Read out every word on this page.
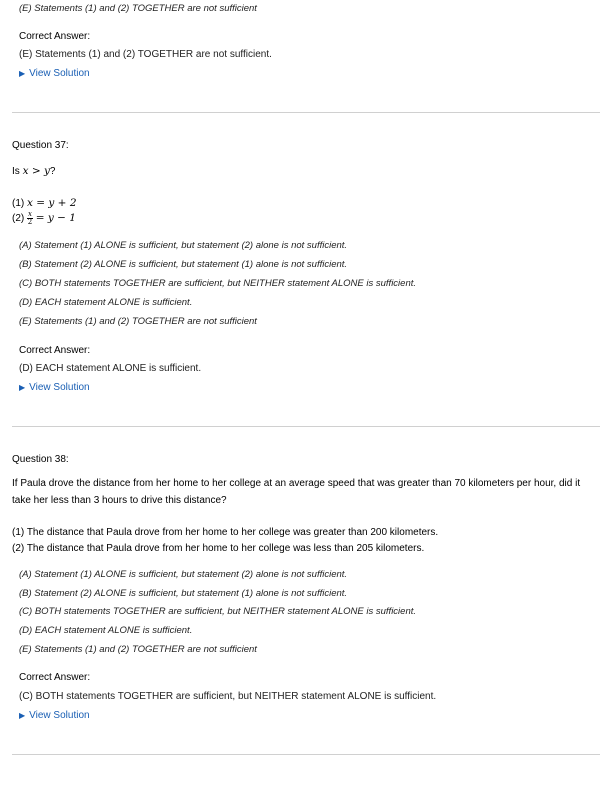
(E) Statements (1) and (2) TOGETHER are not sufficient
Correct Answer:
(E) Statements (1) and (2) TOGETHER are not sufficient.
▶ View Solution
Question 37:
Is x > y?
(1) x = y + 2
$(2) \frac{x}{2} = y - 1$
(A) Statement (1) ALONE is sufficient, but statement (2) alone is not sufficient.
(B) Statement (2) ALONE is sufficient, but statement (1) alone is not sufficient.
(C) BOTH statements TOGETHER are sufficient, but NEITHER statement ALONE is sufficient.
(D) EACH statement ALONE is sufficient.
(E) Statements (1) and (2) TOGETHER are not sufficient
Correct Answer:
(D) EACH statement ALONE is sufficient.
▶ View Solution
Question 38:
If Paula drove the distance from her home to her college at an average speed that was greater than 70 kilometers per hour, did it take her less than 3 hours to drive this distance?
(1) The distance that Paula drove from her home to her college was greater than 200 kilometers.
(2) The distance that Paula drove from her home to her college was less than 205 kilometers.
(A) Statement (1) ALONE is sufficient, but statement (2) alone is not sufficient.
(B) Statement (2) ALONE is sufficient, but statement (1) alone is not sufficient.
(C) BOTH statements TOGETHER are sufficient, but NEITHER statement ALONE is sufficient.
(D) EACH statement ALONE is sufficient.
(E) Statements (1) and (2) TOGETHER are not sufficient
Correct Answer:
(C) BOTH statements TOGETHER are sufficient, but NEITHER statement ALONE is sufficient.
▶ View Solution
